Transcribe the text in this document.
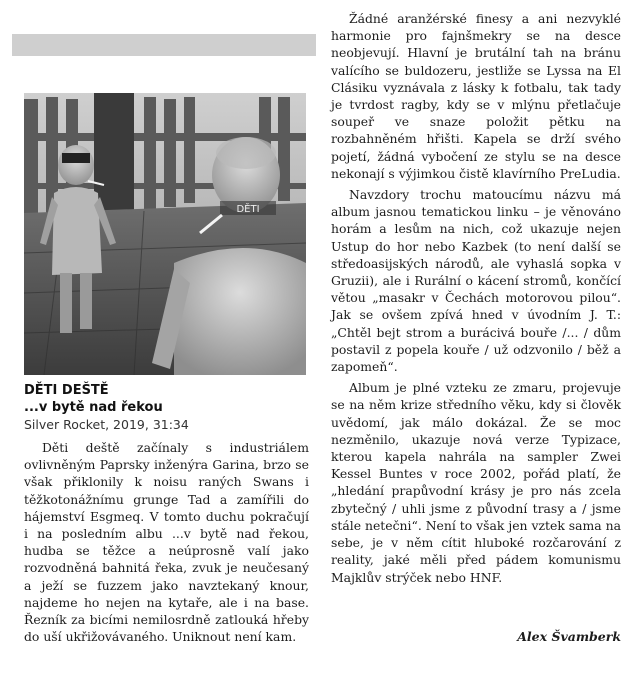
DĚTI
DĚTI DEŠTĚ
...v bytě nad řekou
Silver Rocket, 2019, 31:34

Děti deště začínaly s industriálem ovlivněným Paprsky inženýra Garina, brzo se však přiklonily k noisu raných Swans i těžkotonážnímu grunge Tad a zamířili do hájemství Esgmeq. V tomto duchu pokračují i na posledním albu ...v bytě nad řekou, hudba se těžce a neúprosně valí jako rozvodněná bahnitá řeka, zvuk je neučesaný a ježí se fuzzem jako navztekaný knour, najdeme ho nejen na kytaře, ale i na base. Řezník za bicími nemilosrdně zatlouká hřeby do uší ukřižovávaného. Uniknout není kam.

Žádné aranžérské finesy a ani nezvyklé harmonie pro fajnšmekry se na desce neobjevují. Hlavní je brutální tah na bránu valícího se buldozeru, jestliže se Lyssa na El Clásiku vyznávala z lásky k fotbalu, tak tady je tvrdost ragby, kdy se v mlýnu přetlačuje soupeř ve snaze položit pětku na rozbahněném hřišti. Kapela se drží svého pojetí, žádná vybočení ze stylu se na desce nekonají s výjimkou čistě klavírního PreLudia.

Navzdory trochu matoucímu názvu má album jasnou tematickou linku – je věnováno horám a lesům na nich, což ukazuje nejen Ustup do hor nebo Kazbek (to není další se středoasijských národů, ale vyhaslá sopka v Gruzii), ale i Rurální o kácení stromů, končící větou „masakr v Čechách motorovou pilou“. Jak se ovšem zpívá hned v úvodním J. T.: „Chtěl bejt strom a burácivá bouře /... / dům postavil z popela kouře / už odzvonilo / běž a zapomeň“.

Album je plné vzteku ze zmaru, projevuje se na něm krize středního věku, kdy si člověk uvědomí, jak málo dokázal. Že se moc nezměnilo, ukazuje nová verze Typizace, kterou kapela nahrála na sampler Zwei Kessel Buntes v roce 2002, pořád platí, že „hledání prapůvodní krásy je pro nás zcela zbytečný / uhli jsme z původní trasy a / jsme stále netečni“. Není to však jen vztek sama na sebe, je v něm cítit hluboké rozčarování z reality, jaké měli před pádem komunismu Majklův strýček nebo HNF.

Alex Švamberk
